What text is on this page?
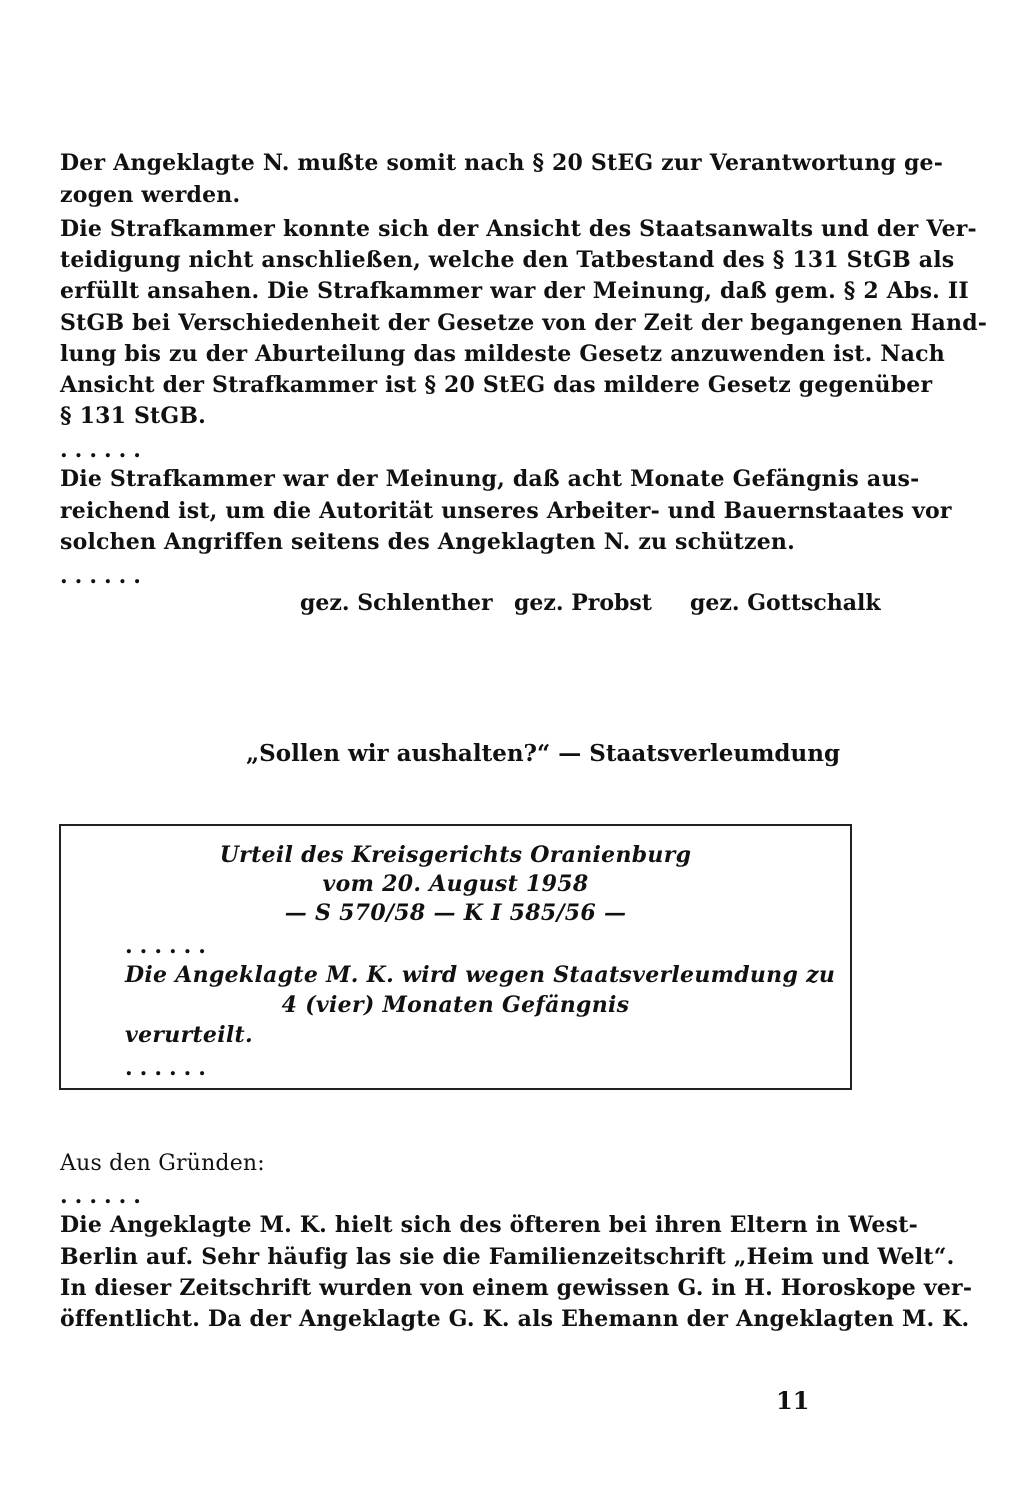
Der Angeklagte N. mußte somit nach § 20 StEG zur Verantwortung ge-
zogen werden.
Die Strafkammer konnte sich der Ansicht des Staatsanwalts und der Ver-
teidigung nicht anschließen, welche den Tatbestand des § 131 StGB als
erfüllt ansahen. Die Strafkammer war der Meinung, daß gem. § 2 Abs. II
StGB bei Verschiedenheit der Gesetze von der Zeit der begangenen Hand-
lung bis zu der Aburteilung das mildeste Gesetz anzuwenden ist. Nach
Ansicht der Strafkammer ist § 20 StEG das mildere Gesetz gegenüber
§ 131 StGB.
......
Die Strafkammer war der Meinung, daß acht Monate Gefängnis aus-
reichend ist, um die Autorität unseres Arbeiter- und Bauernstaates vor
solchen Angriffen seitens des Angeklagten N. zu schützen.
......
gez. Schlenther gez. Probst gez. Gottschalk
„Sollen wir aushalten?“ — Staatsverleumdung
Urteil des Kreisgerichts Oranienburg
vom 20. August 1958
— S 570/58 — K I 585/56 —
......
Die Angeklagte M. K. wird wegen Staatsverleumdung zu
4 (vier) Monaten Gefängnis
verurteilt.
......
Aus den Gründen:
......
Die Angeklagte M. K. hielt sich des öfteren bei ihren Eltern in West-
Berlin auf. Sehr häufig las sie die Familienzeitschrift „Heim und Welt“.
In dieser Zeitschrift wurden von einem gewissen G. in H. Horoskope ver-
öffentlicht. Da der Angeklagte G. K. als Ehemann der Angeklagten M. K.
11
